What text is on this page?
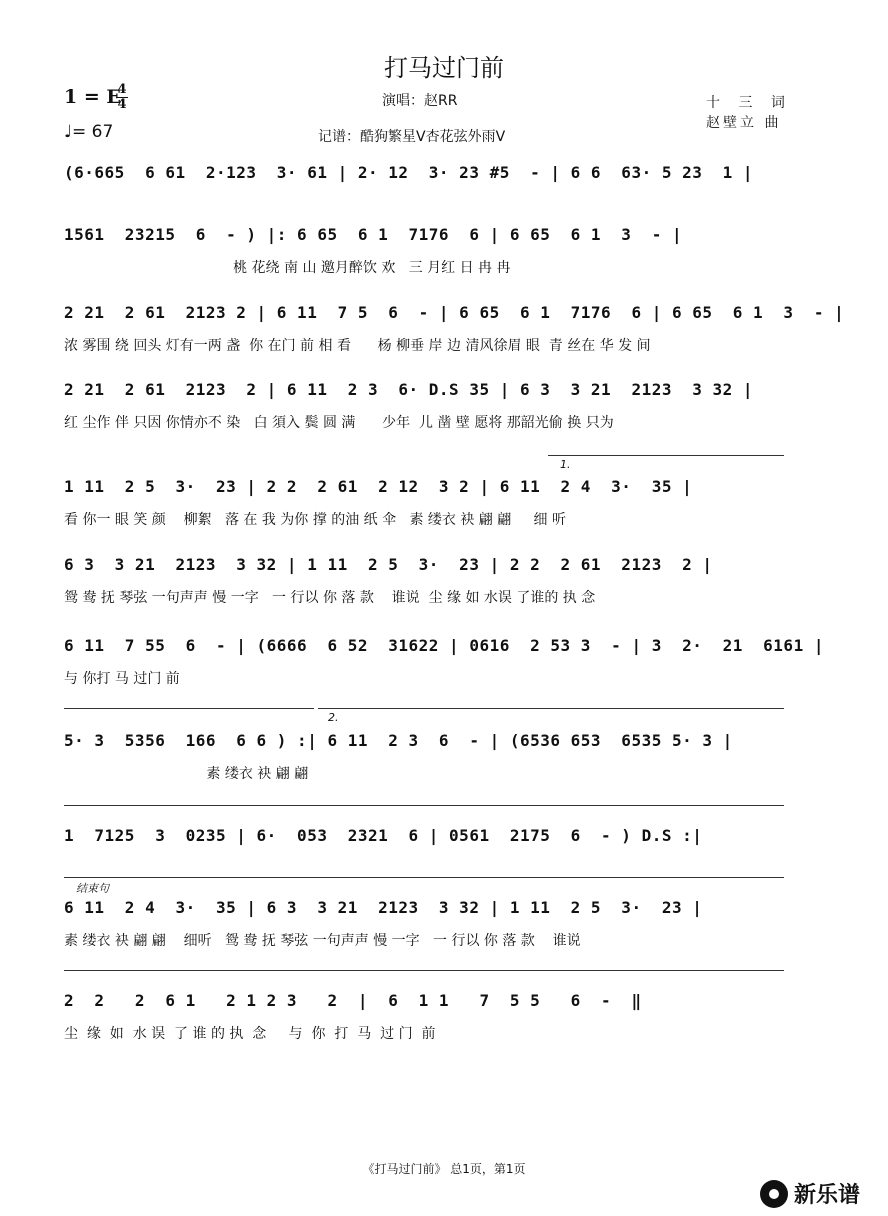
打马过门前
1 = E
4
4
♩= 67
演唱：赵RR	十 三 词
赵壁立 曲
记谱：酷狗繁星V杏花弦外雨V
(6·665  6 61  2·123  3· 61 | 2· 12  3· 23 #5  - | 6 6  63· 5 23  1 |
1561  23215  6  - ) |: 6 65  6 1  7176  6 | 6 65  6 1  3  - |
桃 花绕 南 山 邀月醉饮 欢   三 月红 日 冉 冉
2 21  2 61  2123 2 | 6 11  7 5  6  - | 6 65  6 1  7176  6 | 6 65  6 1  3  - |
浓 雾围 绕 回头 灯有一两 盏  你 在门 前 相 看      杨 柳垂 岸 边 清风徐眉 眼  青 丝在 华 发 间
2 21  2 61  2123  2 | 6 11  2 3  6· D.S 35 | 6 3  3 21  2123  3 32 |
红 尘作 伴 只因 你情亦不 染   白 須入 鬓 圆 满      少年  儿 凿 壁 愿将 那韶光偷 换 只为
1.
1 11  2 5  3·  23 | 2 2  2 61  2 12  3 2 | 6 11  2 4  3·  35 |
看 你一 眼 笑 颜    柳絮   落 在 我 为你 撑 的油 纸 伞   素 缕衣 袂 翩 翩     细 听
6 3  3 21  2123  3 32 | 1 11  2 5  3·  23 | 2 2  2 61  2123  2 |
鸳 鸯 抚 琴弦 一句声声 慢 一字   一 行以 你 落 款    谁说  尘 缘 如 水误 了谁的 执 念
6 11  7 55  6  - | (6666  6 52  31622 | 0616  2 53 3  - | 3  2·  21  6161 |
与 你打 马 过门 前
2.
5· 3  5356  166  6 6 ) :| 6 11  2 3  6  - | (6536 653  6535 5· 3 |
素 缕衣 袂 翩 翩
1  7125  3  0235 | 6·  053  2321  6 | 0561  2175  6  - ) D.S :|
结束句
6 11  2 4  3·  35 | 6 3  3 21  2123  3 32 | 1 11  2 5  3·  23 |
素 缕衣 袂 翩 翩    细听   鸳 鸯 抚 琴弦 一句声声 慢 一字   一 行以 你 落 款    谁说
2  2   2  6 1   2 1 2 3   2  |  6  1 1   7  5 5   6  -  ‖
尘  缘  如  水 误  了 谁 的 执  念     与  你  打  马  过 门  前
《打马过门前》 总1页，第1页
新乐谱
